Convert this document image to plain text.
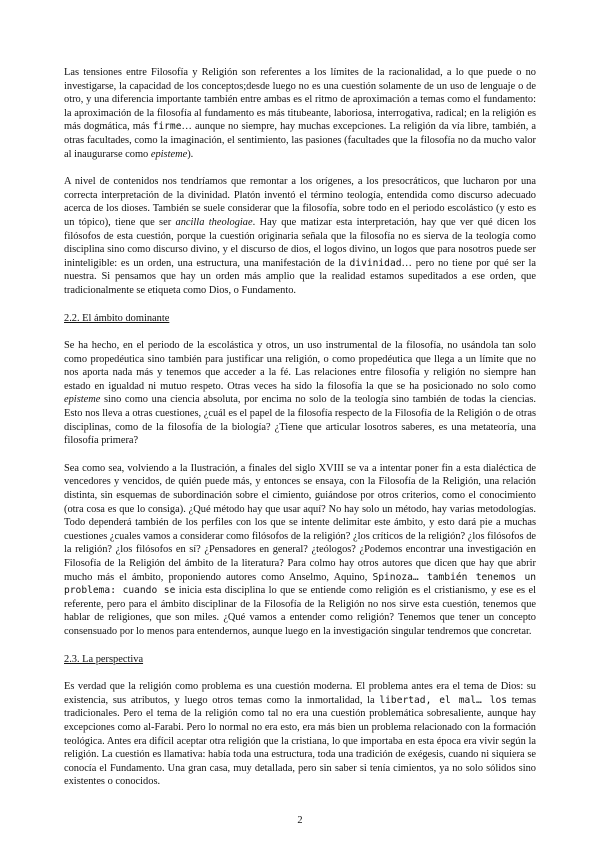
Las tensiones entre Filosofía y Religión son referentes a los límites de la racionalidad, a lo que puede o no investigarse, la capacidad de los conceptos;desde luego no es una cuestión solamente de un uso de lenguaje o de otro, y una diferencia importante también entre ambas es el ritmo de aproximación a temas como el fundamento: la aproximación de la filosofía al fundamento es más titubeante, laboriosa, interrogativa, radical; en la religión es más dogmática, más firme… aunque no siempre, hay muchas excepciones. La religión da vía libre, también, a otras facultades, como la imaginación, el sentimiento, las pasiones (facultades que la filosofía no da mucho valor al inaugurarse como episteme).

A nivel de contenidos nos tendríamos que remontar a los orígenes, a los presocráticos, que lucharon por una correcta interpretación de la divinidad. Platón inventó el término teología, entendida como discurso adecuado acerca de los dioses. También se suele considerar que la filosofía, sobre todo en el periodo escolástico (y esto es un tópico), tiene que ser ancilla theologiae. Hay que matizar esta interpretación, hay que ver qué dicen los filósofos de esta cuestión, porque la cuestión originaria señala que la filosofía no es sierva de la teología como disciplina sino como discurso divino, y el discurso de dios, el logos divino, un logos que para nosotros puede ser ininteligible: es un orden, una estructura, una manifestación de la divinidad… pero no tiene por qué ser la nuestra. Si pensamos que hay un orden más amplio que la realidad estamos supeditados a ese orden, que tradicionalmente se etiqueta como Dios, o Fundamento.

2.2. El ámbito dominante

Se ha hecho, en el periodo de la escolástica y otros, un uso instrumental de la filosofía, no usándola tan solo como propedéutica sino también para justificar una religión, o como propedéutica que llega a un límite que no nos aporta nada más y tenemos que acceder a la fé. Las relaciones entre filosofía y religión no siempre han estado en igualdad ni mutuo respeto. Otras veces ha sido la filosofía la que se ha posicionado no solo como episteme sino como una ciencia absoluta, por encima no solo de la teología sino también de todas la ciencias. Esto nos lleva a otras cuestiones, ¿cuál es el papel de la filosofía respecto de la Filosofía de la Religión o de otras disciplinas, como de la filosofía de la biología? ¿Tiene que articular losotros saberes, es una metateoría, una filosofía primera?

Sea como sea, volviendo a la Ilustración, a finales del siglo XVIII se va a intentar poner fin a esta dialéctica de vencedores y vencidos, de quién puede más, y entonces se ensaya, con la Filosofía de la Religión, una relación distinta, sin esquemas de subordinación sobre el cimiento, guiándose por otros criterios, como el conocimiento (otra cosa es que lo consiga). ¿Qué método hay que usar aquí? No hay solo un método, hay varias metodologías. Todo dependerá también de los perfiles con los que se intente delimitar este ámbito, y esto dará pie a muchas cuestiones ¿cuales vamos a considerar como filósofos de la religión? ¿los críticos de la religión? ¿los filósofos de la religión? ¿los filósofos en sí? ¿Pensadores en general? ¿teólogos? ¿Podemos encontrar una investigación en Filosofía de la Religión del ámbito de la literatura? Para colmo hay otros autores que dicen que hay que abrir mucho más el ámbito, proponiendo autores como Anselmo, Aquino, Spinoza… también tenemos un problema: cuando se inicia esta disciplina lo que se entiende como religión es el cristianismo, y ese es el referente, pero para el ámbito disciplinar de la Filosofía de la Religión no nos sirve esta cuestión, tenemos que hablar de religiones, que son miles. ¿Qué vamos a entender como religión? Tenemos que tener un concepto consensuado por lo menos para entendernos, aunque luego en la investigación singular tendremos que concretar.

2.3. La perspectiva

Es verdad que la religión como problema es una cuestión moderna. El problema antes era el tema de Dios: su existencia, sus atributos, y luego otros temas como la inmortalidad, la libertad, el mal… los temas tradicionales. Pero el tema de la religión como tal no era una cuestión problemática sobresaliente, aunque hay excepciones como al-Farabi. Pero lo normal no era esto, era más bien un problema relacionado con la formación teológica. Antes era difícil aceptar otra religión que la cristiana, lo que importaba en esta época era vivir según la religión. La cuestión es llamativa: había toda una estructura, toda una tradición de exégesis, cuando ni siquiera se conocía el Fundamento. Una gran casa, muy detallada, pero sin saber si tenía cimientos, ya no solo sólidos sino existentes o conocidos.

2
